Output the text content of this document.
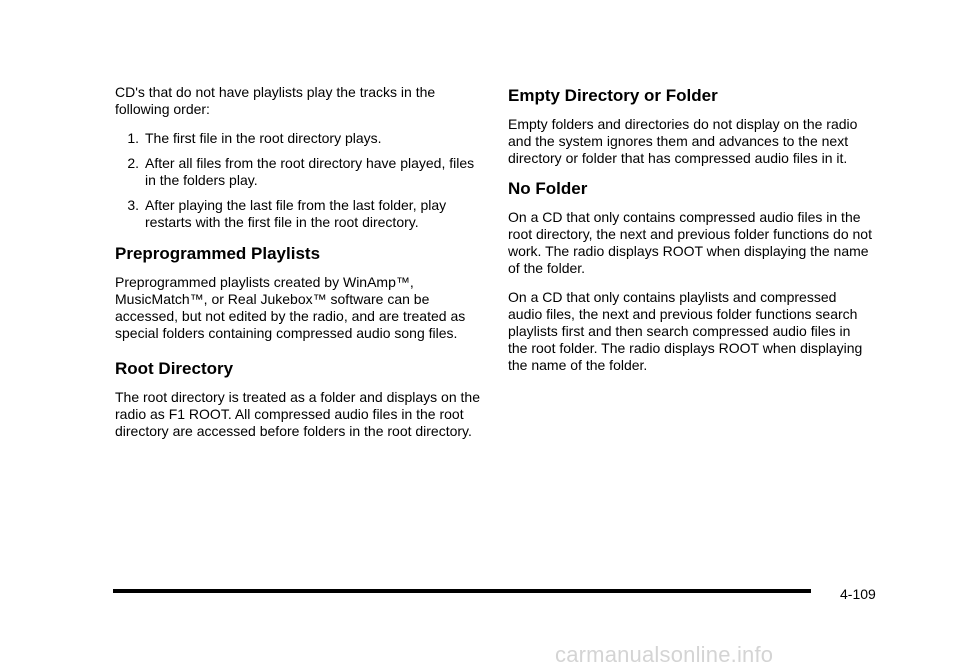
CD's that do not have playlists play the tracks in the following order:

1. The first file in the root directory plays.
2. After all files from the root directory have played, files in the folders play.
3. After playing the last file from the last folder, play restarts with the first file in the root directory.
Preprogrammed Playlists

Preprogrammed playlists created by WinAmp™, MusicMatch™, or Real Jukebox™ software can be accessed, but not edited by the radio, and are treated as special folders containing compressed audio song files.

Root Directory

The root directory is treated as a folder and displays on the radio as F1 ROOT. All compressed audio files in the root directory are accessed before folders in the root directory.

Empty Directory or Folder

Empty folders and directories do not display on the radio and the system ignores them and advances to the next directory or folder that has compressed audio files in it.

No Folder

On a CD that only contains compressed audio files in the root directory, the next and previous folder functions do not work. The radio displays ROOT when displaying the name of the folder.

On a CD that only contains playlists and compressed audio files, the next and previous folder functions search playlists first and then search compressed audio files in the root folder. The radio displays ROOT when displaying the name of the folder.

4-109
carmanualsonline.info
